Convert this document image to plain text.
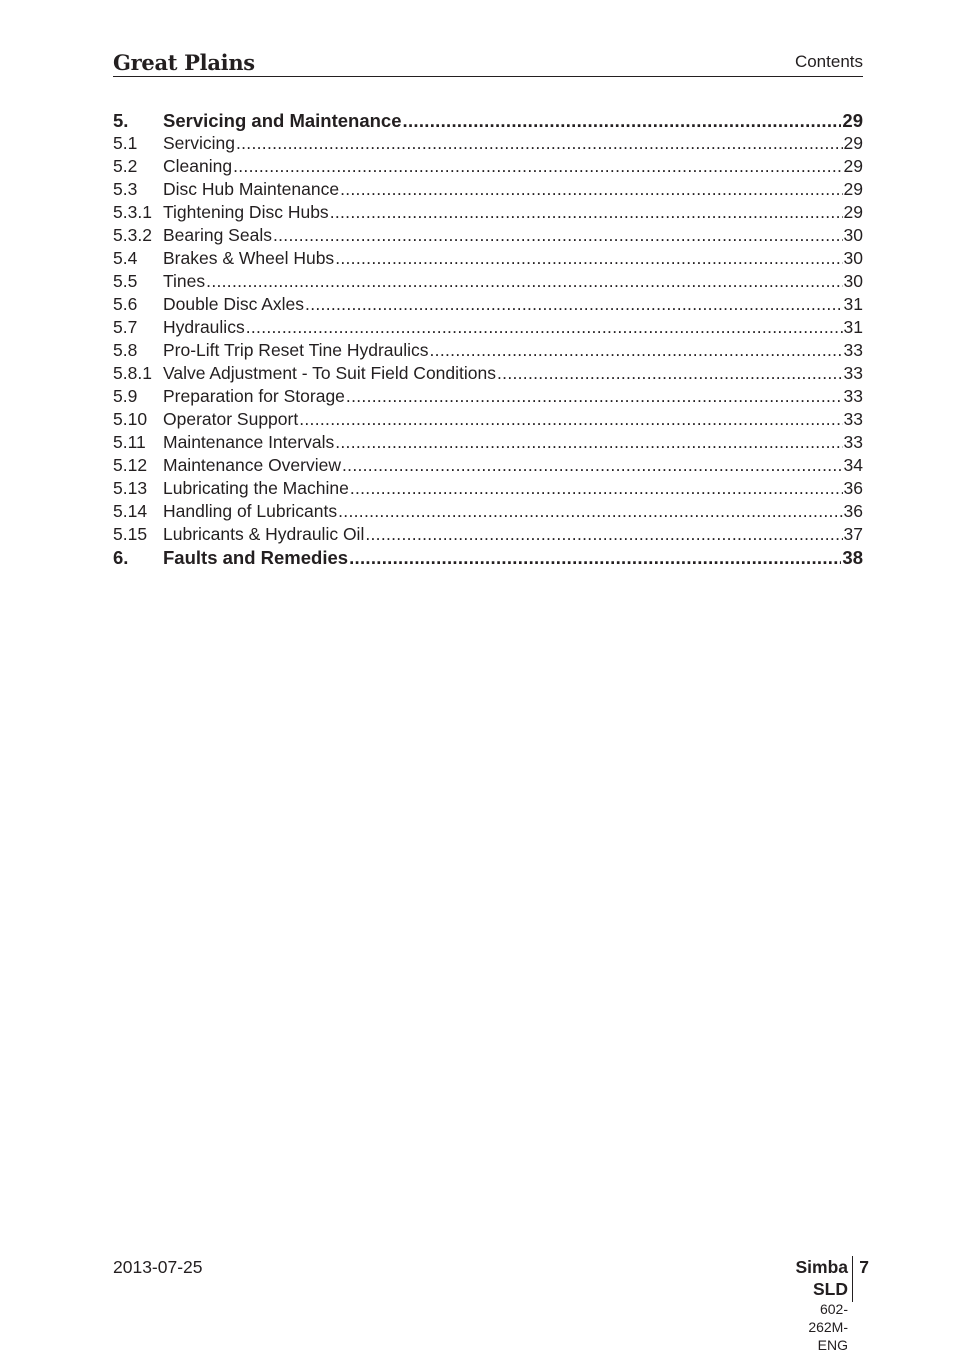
Great Plains	Contents
5.	Servicing and Maintenance .....	29
5.1	Servicing .....	29
5.2	Cleaning .....	29
5.3	Disc Hub Maintenance .....	29
5.3.1 Tightening Disc Hubs .....	29
5.3.2 Bearing Seals .....	30
5.4	Brakes & Wheel Hubs .....	30
5.5	Tines .....	30
5.6	Double Disc Axles .....	31
5.7	Hydraulics .....	31
5.8	Pro-Lift Trip Reset Tine Hydraulics .....	33
5.8.1 Valve Adjustment - To Suit Field Conditions .....	33
5.9	Preparation for Storage .....	33
5.10 Operator Support .....	33
5.11 Maintenance Intervals .....	33
5.12 Maintenance Overview .....	34
5.13 Lubricating the Machine .....	36
5.14 Handling of Lubricants .....	36
5.15 Lubricants & Hydraulic Oil .....	37
6.	Faults and Remedies .....	38
2013-07-25	Simba SLD
602-262M-ENG
7
